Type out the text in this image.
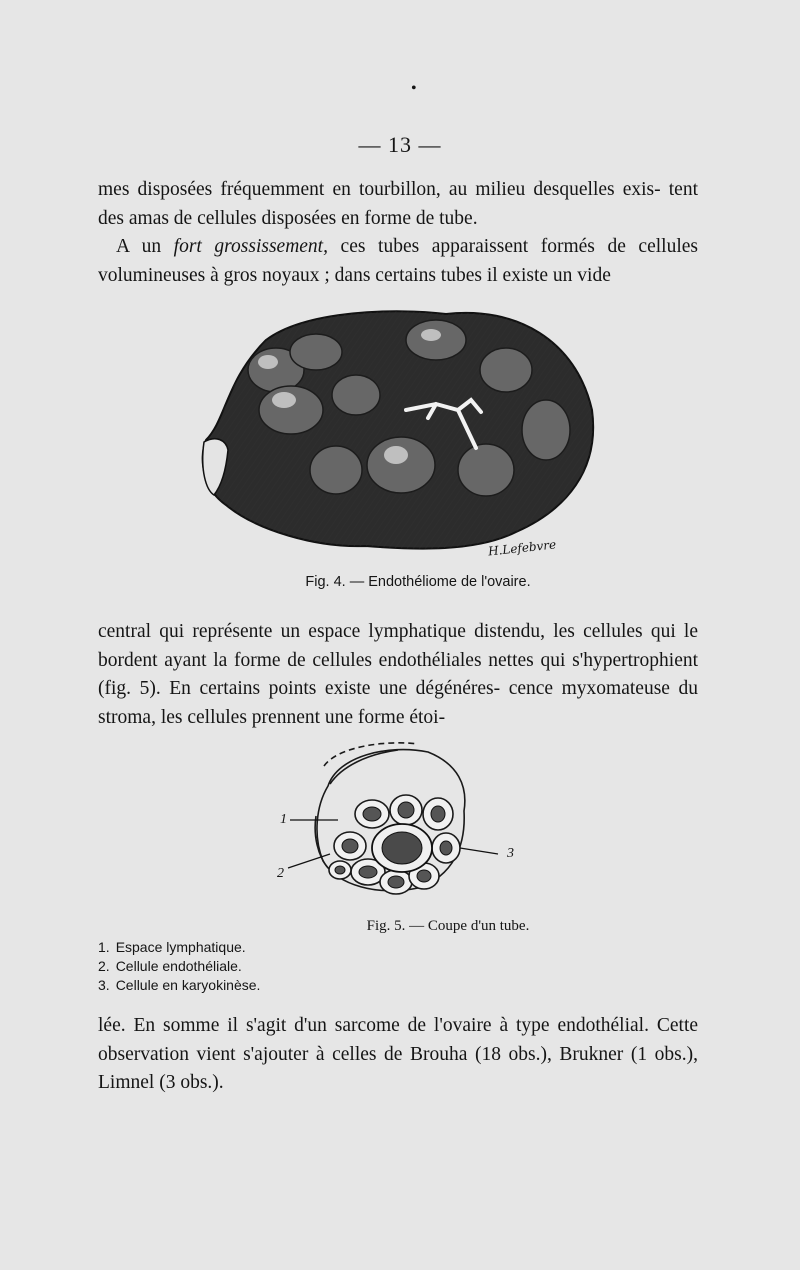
•
— 13 —
mes disposées fréquemment en tourbillon, au milieu desquelles exis- tent des amas de cellules disposées en forme de tube.
A un fort grossissement, ces tubes apparaissent formés de cellules volumineuses à gros noyaux ; dans certains tubes il existe un vide
H.Lefebvre
Fig. 4. — Endothéliome de l'ovaire.
central qui représente un espace lymphatique distendu, les cellules qui le bordent ayant la forme de cellules endothéliales nettes qui s'hypertrophient (fig. 5). En certains points existe une dégénéres- cence myxomateuse du stroma, les cellules prennent une forme étoi-
1
2
3
Fig. 5. — Coupe d'un tube.
1. Espace lymphatique.
2. Cellule endothéliale.
3. Cellule en karyokinèse.
lée. En somme il s'agit d'un sarcome de l'ovaire à type endothélial. Cette observation vient s'ajouter à celles de Brouha (18 obs.), Brukner (1 obs.), Limnel (3 obs.).
